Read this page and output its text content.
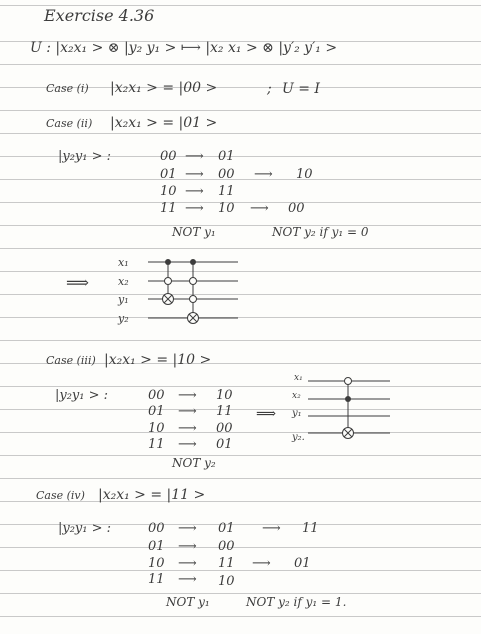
Exercise 4.36
U : |x₂x₁ > ⊗ |y₂ y₁ > ⟼ |x₂ x₁ > ⊗ |y′₂ y′₁ >
Case (i) |x₂x₁ > = |00 >	; U = I
Case (ii) |x₂x₁ > = |01 >
|y₂y₁ > :	00 ⟶ 01
01 ⟶ 00 ⟶ 10
10 ⟶ 11
11 ⟶ 10 ⟶ 00
NOT y₁	NOT y₂ if y₁ = 0
⟹
x₁
x₂
y₁
y₂
Case (iii) |x₂x₁ > = |10 >
|y₂y₁ > :	00 ⟶ 10
01 ⟶ 11
10 ⟶ 00
11 ⟶ 01
NOT y₂
⟹
x₁
x₂
y₁
y₂.
Case (iv) |x₂x₁ > = |11 >
|y₂y₁ > :	00 ⟶ 01 ⟶ 11
01 ⟶ 00
10 ⟶ 11 ⟶ 01
11 ⟶ 10
NOT y₁	NOT y₂ if y₁ = 1.
